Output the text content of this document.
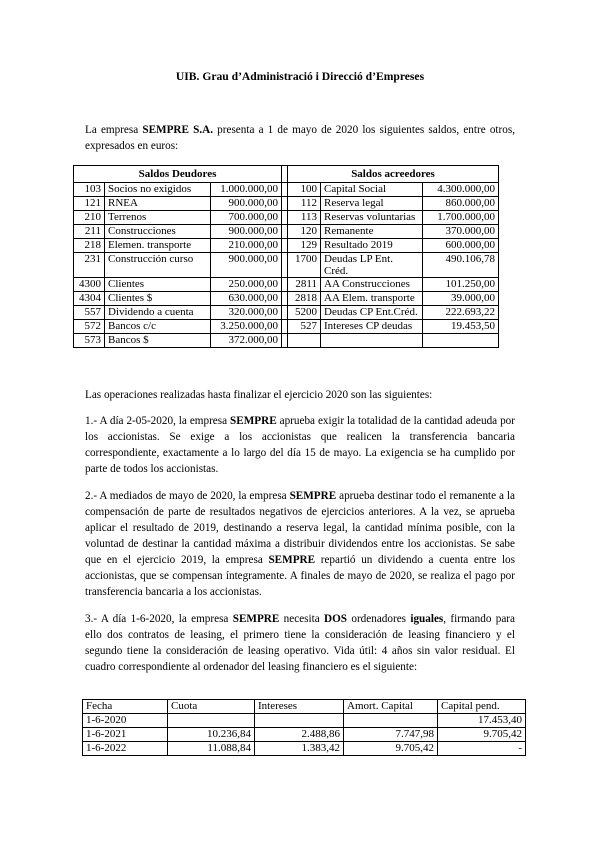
UIB. Grau d’Administració i Direcció d’Empreses
La empresa SEMPRE S.A. presenta a 1 de mayo de 2020 los siguientes saldos, entre otros, expresados en euros:
Saldos Deudores				Saldos acreedores		
103	Socios no exigidos	1.000.000,00		100	Capital Social	4.300.000,00
121	RNEA	900.000,00		112	Reserva legal	860.000,00
210	Terrenos	700.000,00		113	Reservas voluntarias	1.700.000,00
211	Construcciones	900.000,00		120	Remanente	370.000,00
218	Elemen. transporte	210.000,00		129	Resultado 2019	600.000,00
231	Construcción curso	900.000,00		1700	Deudas LP Ent. Créd.	490.106,78
4300	Clientes	250.000,00		2811	AA Construcciones	101.250,00
4304	Clientes $	630.000,00		2818	AA Elem. transporte	39.000,00
557	Dividendo a cuenta	320.000,00		5200	Deudas CP Ent.Créd.	222.693,22
572	Bancos c/c	3.250.000,00		527	Intereses CP deudas	19.453,50
573	Bancos $	372.000,00				
Las operaciones realizadas hasta finalizar el ejercicio 2020 son las siguientes:
1.- A día 2-05-2020, la empresa SEMPRE aprueba exigir la totalidad de la cantidad adeuda por los accionistas. Se exige a los accionistas que realicen la transferencia bancaria correspondiente, exactamente a lo largo del día 15 de mayo. La exigencia se ha cumplido por parte de todos los accionistas.
2.- A mediados de mayo de 2020, la empresa SEMPRE aprueba destinar todo el remanente a la compensación de parte de resultados negativos de ejercicios anteriores. A la vez, se aprueba aplicar el resultado de 2019, destinando a reserva legal, la cantidad mínima posible, con la voluntad de destinar la cantidad máxima a distribuir dividendos entre los accionistas. Se sabe que en el ejercicio 2019, la empresa SEMPRE repartió un dividendo a cuenta entre los accionistas, que se compensan íntegramente. A finales de mayo de 2020, se realiza el pago por transferencia bancaria a los accionistas.
3.- A día 1-6-2020, la empresa SEMPRE necesita DOS ordenadores iguales, firmando para ello dos contratos de leasing, el primero tiene la consideración de leasing financiero y el segundo tiene la consideración de leasing operativo. Vida útil: 4 años sin valor residual. El cuadro correspondiente al ordenador del leasing financiero es el siguiente:
Fecha	Cuota	Intereses	Amort. Capital	Capital pend.
1-6-2020				17.453,40
1-6-2021	10.236,84	2.488,86	7.747,98	9.705,42
1-6-2022	11.088,84	1.383,42	9.705,42	-
